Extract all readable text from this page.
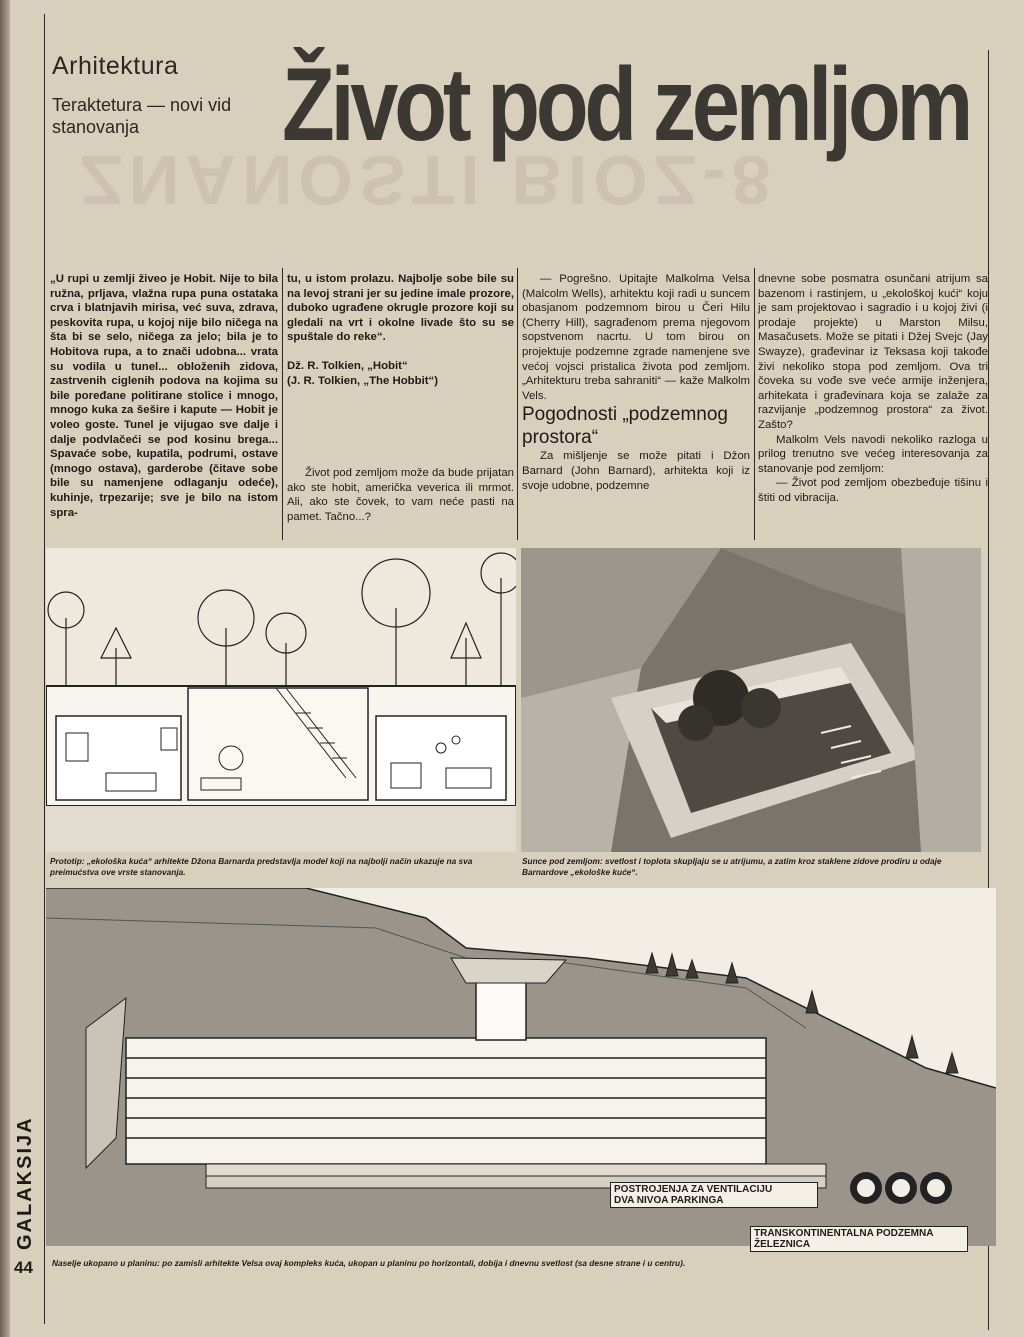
ZNANOSTI BIOZ-8
Arhitektura
Teraktetura — novi vid stanovanja	Život pod zemljom

„U rupi u zemlji živeo je Hobit. Nije to bila ružna, prljava, vlažna rupa puna ostataka crva i blatnjavih mirisa, već suva, zdrava, peskovita rupa, u kojoj nije bilo ničega na šta bi se selo, ničega za jelo; bila je to Hobitova rupa, a to znači udobna... vrata su vodila u tunel... obloženih zidova, zastrvenih ciglenih podova na kojima su bile poređane politirane stolice i mnogo, mnogo kuka za šešire i kapute — Hobit je voleo goste. Tunel je vijugao sve dalje i dalje podvlačeći se pod kosinu brega... Spavaće sobe, kupatila, podrumi, ostave (mnogo ostava), garderobe (čitave sobe bile su namenjene odlaganju odeće), kuhinje, trpezarije; sve je bilo na istom spra-

tu, u istom prolazu. Najbolje sobe bile su na levoj strani jer su jedine imale prozore, duboko ugrađene okrugle prozore koji su gledali na vrt i okolne livade što su se spuštale do reke“.

Dž. R. Tolkien, „Hobit“

(J. R. Tolkien, „The Hobbit“)

Život pod zemljom može da bude prijatan ako ste hobit, američka veverica ili mrmot. Ali, ako ste čovek, to vam neće pasti na pamet. Tačno...?

— Pogrešno. Upitajte Malkolma Velsa (Malcolm Wells), arhitektu koji radi u suncem obasjanom podzemnom birou u Čeri Hilu (Cherry Hill), sagrađenom prema njegovom sopstvenom nacrtu. U tom birou on projektuje podzemne zgrade namenjene sve većoj vojsci pristalica života pod zemljom. „Arhitekturu treba sahraniti“ — kaže Malkolm Vels.

Pogodnosti „podzemnog prostora“

Za mišljenje se može pitati i Džon Barnard (John Barnard), arhitekta koji iz svoje udobne, podzemne

dnevne sobe posmatra osunčani atrijum sa bazenom i rastinjem, u „ekološkoj kući“ koju je sam projektovao i sagradio i u kojoj živi (i prodaje projekte) u Marston Milsu, Masačusets. Može se pitati i Džej Svejc (Jay Swayze), građevinar iz Teksasa koji takođe živi nekoliko stopa pod zemljom. Ova tri čoveka su vođe sve veće armije inženjera, arhitekata i građevinara koja se zalaže za razvijanje „podzemnog prostora“ za život. Zašto?

Malkolm Vels navodi nekoliko razloga u prilog trenutno sve većeg interesovanja za stanovanje pod zemljom:

— Život pod zemljom obezbeđuje tišinu i štiti od vibracija.

Prototip: „ekološka kuća“ arhitekte Džona Barnarda predstavlja model koji na najbolji način ukazuje na sva preimućstva ove vrste stanovanja.
Sunce pod zemljom: svetlost i toplota skupljaju se u atrijumu, a zatim kroz staklene zidove prodiru u odaje Barnardove „ekološke kuće“.
POSTROJENJA ZA VENTILACIJU
DVA NIVOA PARKINGA
TRANSKONTINENTALNA PODZEMNA ŽELEZNICA
Naselje ukopano u planinu: po zamisli arhitekte Velsa ovaj kompleks kuća, ukopan u planinu po horizontali, dobija i dnevnu svetlost (sa desne strane i u centru).
GALAKSIJA
44
